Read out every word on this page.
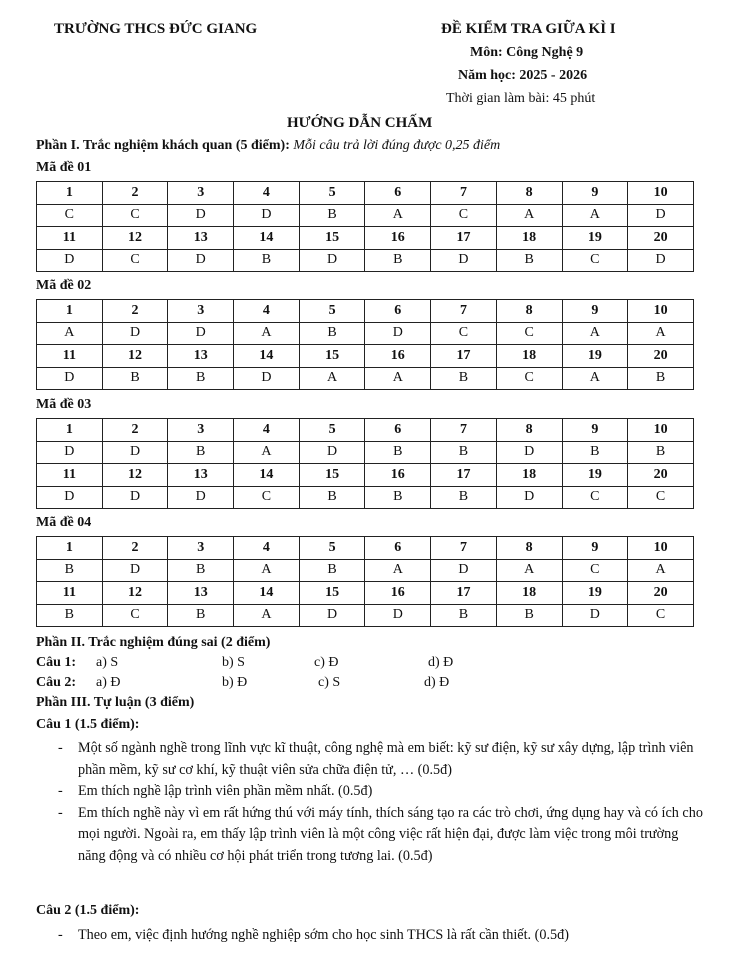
TRƯỜNG THCS ĐỨC GIANG	ĐỀ KIỂM TRA GIỮA KÌ I
Môn: Công Nghệ 9
Năm học: 2025 - 2026
Thời gian làm bài: 45 phút
HƯỚNG DẪN CHẤM
Phần I. Trắc nghiệm khách quan (5 điểm): Mỗi câu trả lời đúng được 0,25 điểm
Mã đề 01
1	2	3	4	5	6	7	8	9	10
C	C	D	D	B	A	C	A	A	D
11	12	13	14	15	16	17	18	19	20
D	C	D	B	D	B	D	B	C	D
Mã đề 02
1	2	3	4	5	6	7	8	9	10
A	D	D	A	B	D	C	C	A	A
11	12	13	14	15	16	17	18	19	20
D	B	B	D	A	A	B	C	A	B
Mã đề 03
1	2	3	4	5	6	7	8	9	10
D	D	B	A	D	B	B	D	B	B
11	12	13	14	15	16	17	18	19	20
D	D	D	C	B	B	B	D	C	C
Mã đề 04
1	2	3	4	5	6	7	8	9	10
B	D	B	A	B	A	D	A	C	A
11	12	13	14	15	16	17	18	19	20
B	C	B	A	D	D	B	B	D	C
Phần II. Trắc nghiệm đúng sai (2 điểm)
Câu 1: a) S	b) S	c) Đ	d) Đ
Câu 2: a) Đ	b) Đ	c) S	d) Đ
Phần III. Tự luận (3 điểm)
Câu 1 (1.5 điểm):
- Một số ngành nghề trong lĩnh vực kĩ thuật, công nghệ mà em biết: kỹ sư điện, kỹ sư xây dựng, lập trình viên phần mềm, kỹ sư cơ khí, kỹ thuật viên sửa chữa điện tử, … (0.5đ)
- Em thích nghề lập trình viên phần mềm nhất. (0.5đ)
- Em thích nghề này vì em rất hứng thú với máy tính, thích sáng tạo ra các trò chơi, ứng dụng hay và có ích cho mọi người. Ngoài ra, em thấy lập trình viên là một công việc rất hiện đại, được làm việc trong môi trường năng động và có nhiều cơ hội phát triển trong tương lai. (0.5đ)
Câu 2 (1.5 điểm):
- Theo em, việc định hướng nghề nghiệp sớm cho học sinh THCS là rất cần thiết. (0.5đ)
